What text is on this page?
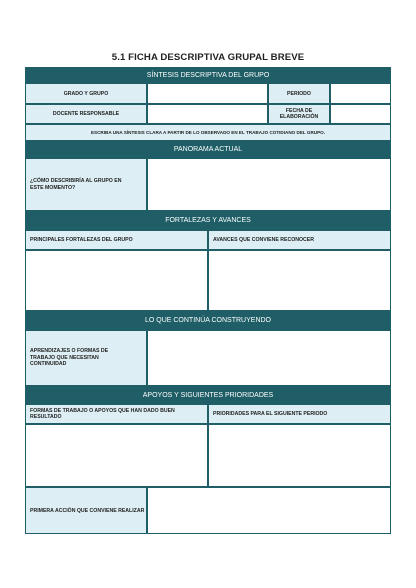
5.1 FICHA DESCRIPTIVA GRUPAL BREVE
SÍNTESIS DESCRIPTIVA DEL GRUPO
GRADO Y GRUPO	PERIODO
DOCENTE RESPONSABLE	FECHA DE ELABORACIÓN
ESCRIBA UNA SÍNTESIS CLARA A PARTIR DE LO OBSERVADO EN EL TRABAJO COTIDIANO DEL GRUPO.
PANORAMA ACTUAL
¿CÓMO DESCRIBIRÍA AL GRUPO EN ESTE MOMENTO?
FORTALEZAS Y AVANCES
PRINCIPALES FORTALEZAS DEL GRUPO	AVANCES QUE CONVIENE RECONOCER
LO QUE CONTINÚA CONSTRUYENDO
APRENDIZAJES O FORMAS DE TRABAJO QUE NECESITAN CONTINUIDAD
APOYOS Y SIGUIENTES PRIORIDADES
FORMAS DE TRABAJO O APOYOS QUE HAN DADO BUEN RESULTADO	PRIORIDADES PARA EL SIGUIENTE PERIODO
PRIMERA ACCIÓN QUE CONVIENE REALIZAR
